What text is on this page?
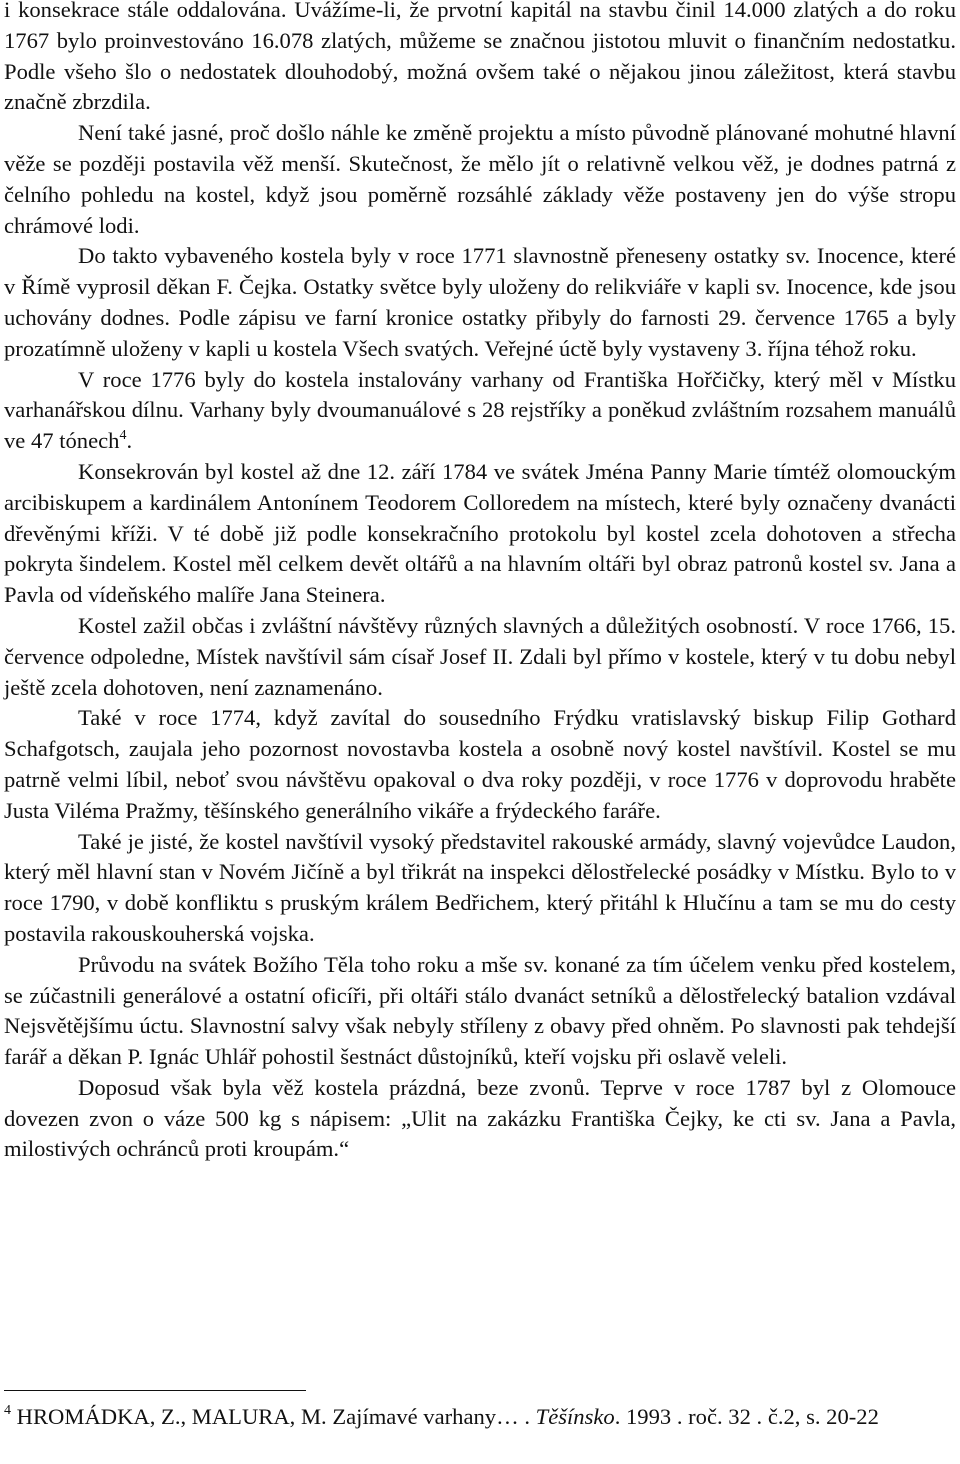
i konsekrace stále oddalována. Uvážíme-li, že prvotní kapitál na stavbu činil 14.000 zlatých a do roku 1767 bylo proinvestováno 16.078 zlatých, můžeme se značnou jistotou mluvit o finančním nedostatku. Podle všeho šlo o nedostatek dlouhodobý, možná ovšem také o nějakou jinou záležitost, která stavbu značně zbrzdila.

Není také jasné, proč došlo náhle ke změně projektu a místo původně plánované mohutné hlavní věže se později postavila věž menší. Skutečnost, že mělo jít o relativně velkou věž, je dodnes patrná z čelního pohledu na kostel, když jsou poměrně rozsáhlé základy věže postaveny jen do výše stropu chrámové lodi.

Do takto vybaveného kostela byly v roce 1771 slavnostně přeneseny ostatky sv. Inocence, které v Římě vyprosil děkan F. Čejka. Ostatky světce byly uloženy do relikviáře v kapli sv. Inocence, kde jsou uchovány dodnes. Podle zápisu ve farní kronice ostatky přibyly do farnosti 29. července 1765 a byly prozatímně uloženy v kapli u kostela Všech svatých. Veřejné úctě byly vystaveny 3. října téhož roku.

V roce 1776 byly do kostela instalovány varhany od Františka Hořčičky, který měl v Místku varhanářskou dílnu. Varhany byly dvoumanuálové s 28 rejstříky a poněkud zvláštním rozsahem manuálů ve 47 tónech$^4$.

Konsekrován byl kostel až dne 12. září 1784 ve svátek Jména Panny Marie tímtéž olomouckým arcibiskupem a kardinálem Antonínem Teodorem Colloredem na místech, které byly označeny dvanácti dřevěnými kříži. V té době již podle konsekračního protokolu byl kostel zcela dohotoven a střecha pokryta šindelem. Kostel měl celkem devět oltářů a na hlavním oltáři byl obraz patronů kostel sv. Jana a Pavla od vídeňského malíře Jana Steinera.

Kostel zažil občas i zvláštní návštěvy různých slavných a důležitých osobností. V roce 1766, 15. července odpoledne, Místek navštívil sám císař Josef II. Zdali byl přímo v kostele, který v tu dobu nebyl ještě zcela dohotoven, není zaznamenáno.

Také v roce 1774, když zavítal do sousedního Frýdku vratislavský biskup Filip Gothard Schafgotsch, zaujala jeho pozornost novostavba kostela a osobně nový kostel navštívil. Kostel se mu patrně velmi líbil, neboť svou návštěvu opakoval o dva roky později, v roce 1776 v doprovodu hraběte Justa Viléma Pražmy, těšínského generálního vikáře a frýdeckého faráře.

Také je jisté, že kostel navštívil vysoký představitel rakouské armády, slavný vojevůdce Laudon, který měl hlavní stan v Novém Jičíně a byl třikrát na inspekci dělostřelecké posádky v Místku. Bylo to v roce 1790, v době konfliktu s pruským králem Bedřichem, který přitáhl k Hlučínu a tam se mu do cesty postavila rakouskouherská vojska.

Průvodu na svátek Božího Těla toho roku a mše sv. konané za tím účelem venku před kostelem, se zúčastnili generálové a ostatní oficíři, při oltáři stálo dvanáct setníků a dělostřelecký batalion vzdával Nejsvětějšímu úctu. Slavnostní salvy však nebyly stříleny z obavy před ohněm. Po slavnosti pak tehdejší farář a děkan P. Ignác Uhlář pohostil šestnáct důstojníků, kteří vojsku při oslavě veleli.

Doposud však byla věž kostela prázdná, beze zvonů. Teprve v roce 1787 byl z Olomouce dovezen zvon o váze 500 kg s nápisem: „Ulit na zakázku Františka Čejky, ke cti sv. Jana a Pavla, milostivých ochránců proti kroupám.“

$^4$ HROMÁDKA, Z., MALURA, M. Zajímavé varhany… . Těšínsko. 1993 . roč. 32 . č.2, s. 20-22
